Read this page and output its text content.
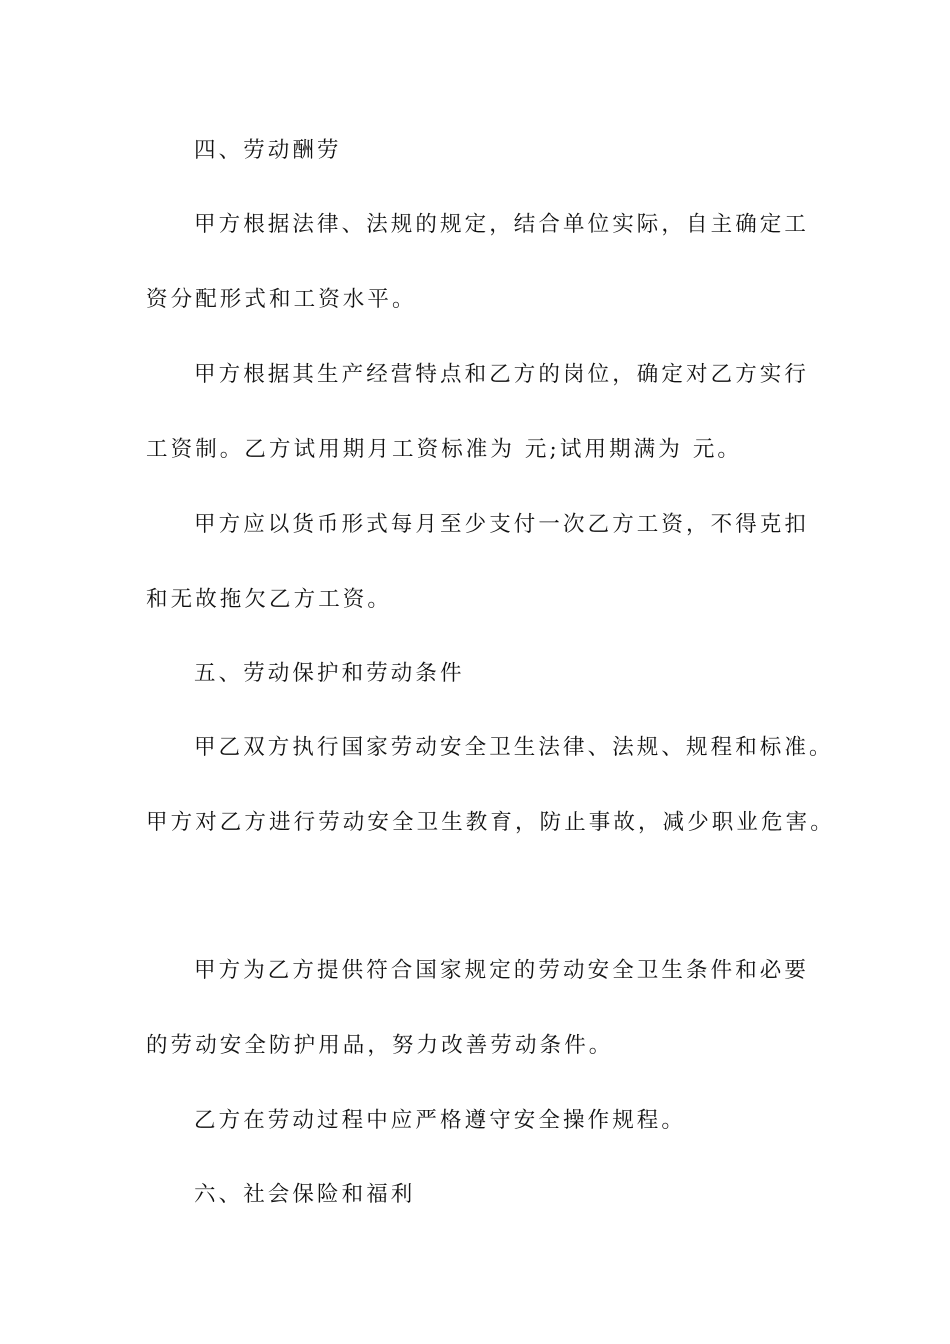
四、劳动酬劳

甲方根据法律、法规的规定，结合单位实际，自主确定工

资分配形式和工资水平。

甲方根据其生产经营特点和乙方的岗位，确定对乙方实行

工资制。乙方试用期月工资标准为 元;试用期满为 元。

甲方应以货币形式每月至少支付一次乙方工资，不得克扣

和无故拖欠乙方工资。

五、劳动保护和劳动条件

甲乙双方执行国家劳动安全卫生法律、法规、规程和标准。

甲方对乙方进行劳动安全卫生教育，防止事故，减少职业危害。

甲方为乙方提供符合国家规定的劳动安全卫生条件和必要

的劳动安全防护用品，努力改善劳动条件。

乙方在劳动过程中应严格遵守安全操作规程。

六、社会保险和福利
